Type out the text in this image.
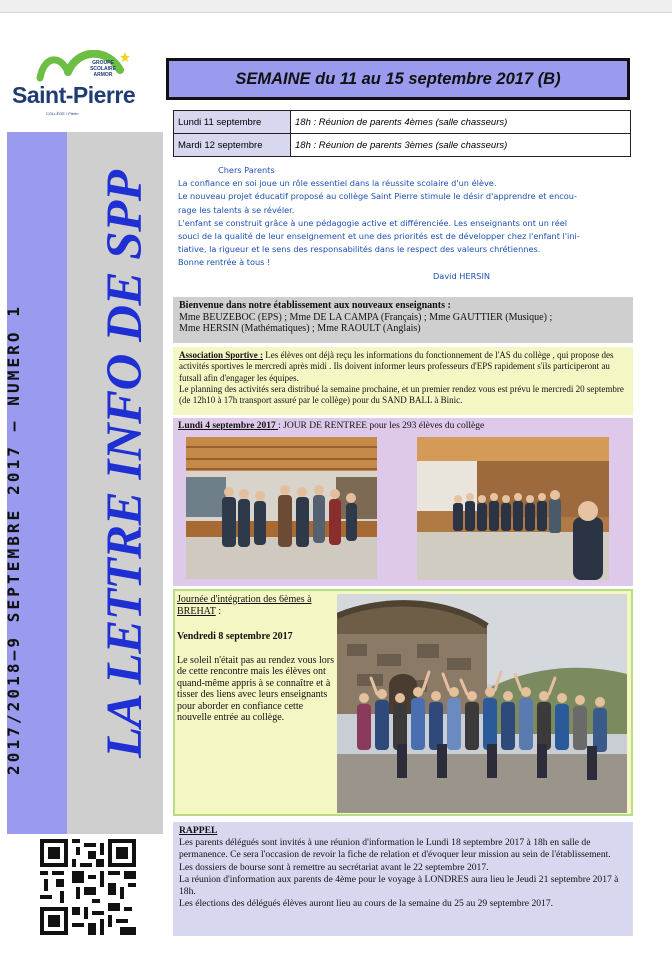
GROUPE
SCOLAIRE
ARMOR
Saint-Pierre
COLLÈGE / Plérin
2017/2018–9 SEPTEMBRE 2017 – NUMERO 1 LA LETTRE INFO DE SPP
SEMAINE du 11 au 15 septembre 2017 (B)
Lundi 11 septembre	18h : Réunion de parents 4èmes (salle chasseurs)
Mardi 12 septembre	18h : Réunion de parents 3èmes (salle chasseurs)

Chers Parents

La confiance en soi joue un rôle essentiel dans la réussite scolaire d'un élève.

Le nouveau projet éducatif proposé au collège Saint Pierre stimule le désir d'apprendre et encou-

rage les talents à se révéler.

L'enfant se construit grâce à une pédagogie active et différenciée. Les enseignants ont un réel

souci de la qualité de leur enseignement et une des priorités est de développer chez l'enfant l'ini-

tiative, la rigueur et le sens des responsabilités dans le respect des valeurs chrétiennes.

Bonne rentrée à tous !

David HERSIN

Bienvenue dans notre établissement aux nouveaux enseignants :
Mme BEUZEBOC (EPS) ; Mme DE LA CAMPA (Français) ; Mme GAUTTIER (Musique) ;
Mme HERSIN (Mathématiques) ; Mme RAOULT (Anglais)

Association Sportive : Les élèves ont déjà reçu les informations du fonctionnement de l'AS du collège , qui propose des activités sportives le mercredi après midi . Ils doivent informer leurs professeurs d'EPS rapidement s'ils participeront au futsall afin d'engager les équipes.

Le planning des activités sera distribué la semaine prochaine, et un premier rendez vous est prévu le mercredi 20 septembre (de 12h10 à 17h transport assuré par le collège) pour du SAND BALL à Binic.

Lundi 4 septembre 2017 : JOUR DE RENTREE pour les 293 élèves du collège
Journée d'intégration des 6èmes à BREHAT :
Vendredi 8 septembre 2017
Le soleil n'était pas au rendez vous lors de cette rencontre mais les élèves ont quand-même appris à se connaître et à tisser des liens avec leurs enseignants pour aborder en confiance cette nouvelle entrée au collège.

RAPPEL

Les parents délégués sont invités à une réunion d'information le Lundi 18 septembre 2017 à 18h en salle de permanence. Ce sera l'occasion de revoir la fiche de relation et d'évoquer leur mission au sein de l'établissement.

Les dossiers de bourse sont à remettre au secrétariat avant le 22 septembre 2017.

La réunion d'information aux parents de 4ème pour le voyage à LONDRES aura lieu le Jeudi 21 septembre 2017 à 18h.

Les élections des délégués élèves auront lieu au cours de la semaine du 25 au 29 septembre 2017.
